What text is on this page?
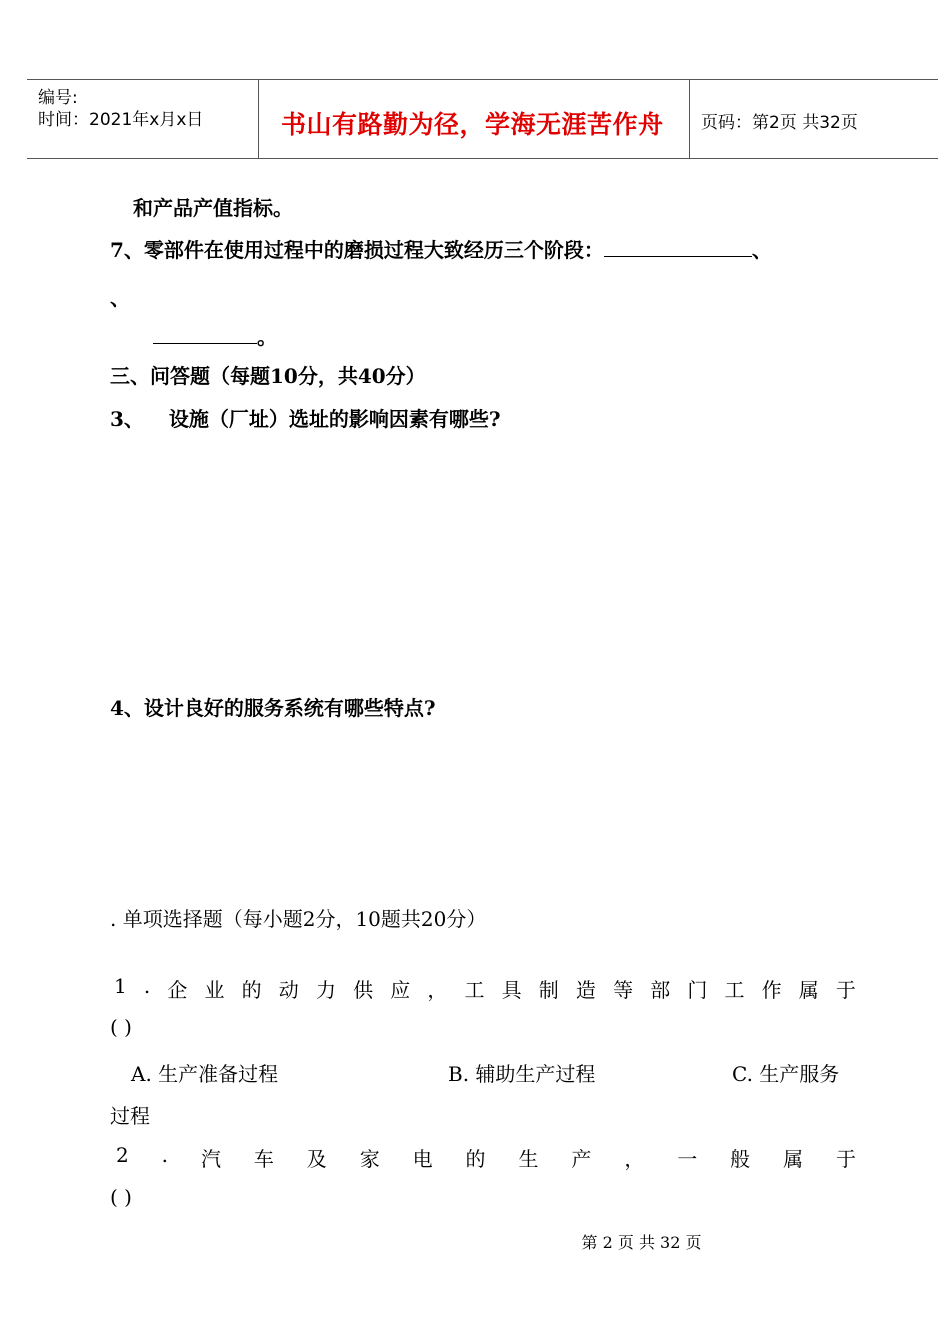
编号:
时间：2021年x月x日	书山有路勤为径，学海无涯苦作舟 页码：第2页 共32页
和产品产值指标。
7、零部件在使用过程中的磨损过程大致经历三个阶段：	、
、
。
三、问答题（每题10分，共40分）
3、 设施（厂址）选址的影响因素有哪些?
4、设计良好的服务系统有哪些特点?
. 单项选择题（每小题2分，10题共20分）
1 . 企 业 的 动 力 供 应 ， 工 具 制 造 等 部 门 工 作 属 于
( )
A. 生产准备过程	B. 辅助生产过程	C. 生产服务
过程
2 . 汽 车 及 家 电 的 生 产 ， 一 般 属 于
( )
第 2 页 共 32 页
